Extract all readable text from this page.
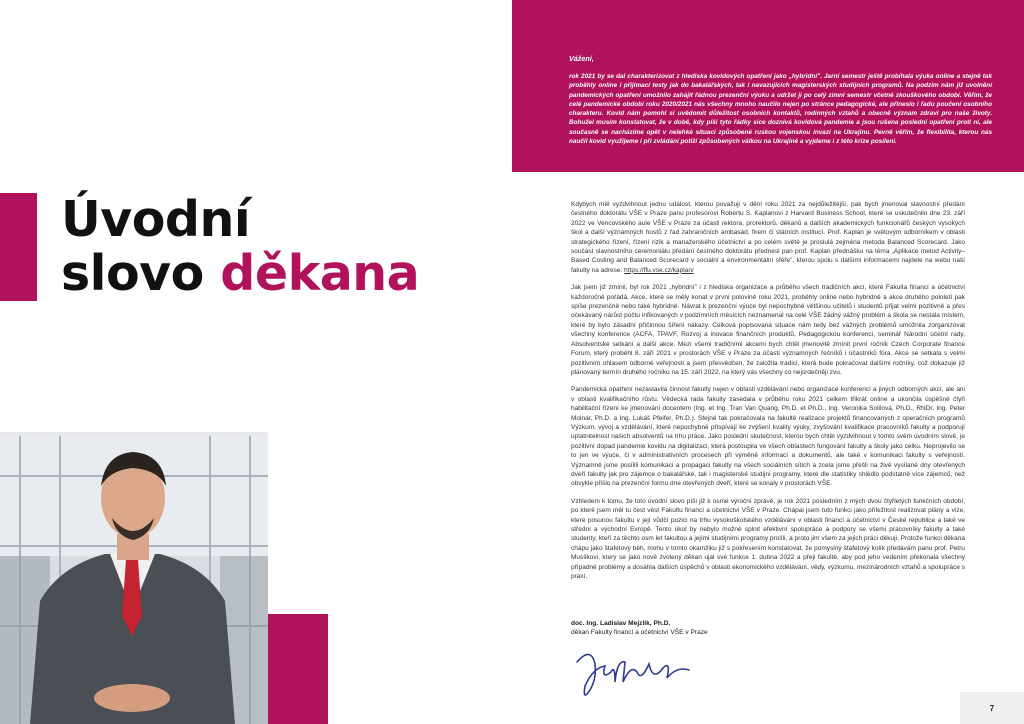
Vážení,
rok 2021 by se dal charakterizovat z hlediska kovidových opatření jako „hybridní". Jarní semestr ještě probíhala výuka online a stejně tak proběhly online i přijímací testy jak do bakalářských, tak i navazujících magisterských studijních programů. Na podzim nám již uvolnění pandemických opatření umožnilo zahájit řádnou prezenční výuku a udržet ji po celý zimní semestr včetně zkouškového období. Věřím, že celé pandemické období roku 2020/2021 nás všechny mnoho naučilo nejen po stránce pedagogické, ale přineslo i řadu poučení osobního charakteru. Kovid nám pomohl si uvědomit důležitost osobních kontaktů, rodinných vztahů a obecně význam zdraví pro naše životy. Bohužel musím konstatovat, že v době, kdy píši tyto řádky sice doznívá kovidová pandemie a jsou rušena poslední opatření proti ní, ale současně se nacházíme opět v nelehké situaci způsobené ruskou vojenskou invazí na Ukrajinu. Pevně věřím, že flexibilita, kterou nás naučil kovid využijeme i při zvládání potíží způsobených válkou na Ukrajině a vyjdeme i z této krize posíleni.
Úvodní
slovo děkana

Kdybych měl vyzdvihnout jednu událost, kterou považuji v dění roku 2021 za nejdůležitější, pak bych jmenoval slavnostní předání čestného doktorátu VŠE v Praze panu profesorovi Robertu S. Kaplanovi z Harvard Business School, které se uskutečnilo dne 23. září 2022 ve Vencovského aule VŠE v Praze za účasti rektora, prorektorů, děkanů a dalších akademických funkcionářů českých vysokých škol a další významných hostů z řad zahraničních ambasád, firem či státních institucí. Prof. Kaplan je světovým odborníkem v oblasti strategického řízení, řízení rizik a manažerského účetnictví a po celém světě je proslulá zejména metoda Balanced Scorecard. Jako součást slavnostního ceremoniálu předání čestného doktorátu přednesl pan prof. Kaplan přednášku na téma „Aplikace metod Activity–Based Costing and Balanced Scorecard v sociální a environmentální sféře", kterou spolu s dalšími informacemi najdete na webu naší fakulty na adrese: https://ffu.vse.cz/kaplan/

Jak jsem již zmínil, byl rok 2021 „hybridní" i z hlediska organizace a průběhu všech tradičních akcí, které Fakulta financí a účetnictví každoročně pořádá. Akce, které se měly konat v první polovině roku 2021, proběhly online nebo hybridně a akce druhého pololetí pak spíše prezenčně nebo také hybridně. Návrat k prezenční výuce byl nepochybně většinou učitelů i studentů přijat velmi pozitivně a přes očekávaný nárůst počtu infikovaných v podzimních měsících neznamenal na celé VŠE žádný vážný problém a škola se nestala místem, které by bylo zásadní příčinnou šíření nákazy. Celková popisovaná situace nám tedy bez vážných problémů umožnila zorganizovat všechny konference (ACFA, TPAVF, Rozvoj a inovace finančních produktů, Pedagogickou konferenci, seminář Národní účetní rady, Absolventské setkání a další akce. Mezi všemi tradičními akcemi bych chtěl jmenovitě zmínit první ročník Czech Corporate finance Forum, který proběhl 8. září 2021 v prostorách VŠE v Praze za účasti významných řečníků i účastníků fóra. Akce se setkala s velmi pozitivním ohlasem odborné veřejnosti a jsem přesvědčen, že založila tradici, která bude pokračovat dalšími ročníky, což dokazuje již plánovaný termín druhého ročníku na 15. září 2022, na který vás všechny co nejsrdečněji zvu.

Pandemická opatření nezastavila činnost fakulty nejen v oblasti vzdělávání nebo organizace konferencí a jiných odborných akcí, ale ani v oblasti kvalifikačního růstu. Vědecká rada fakulty zasedala v průběhu roku 2021 celkem třikrát online a ukončila úspěšně čtyři habilitační řízení ke jmenování docentem (Ing. et Ing. Tran Van Quang, Ph.D. et Ph.D., Ing. Veronika Solilová, Ph.D., RNDr. Ing. Peter Molnár, Ph.D. a Ing. Lukáš Pfeifer, Ph.D.). Stejně tak pokračovala na fakultě realizace projektů financovaných z operačních programů Výzkum, vývoj a vzdělávání, které nepochybně přispívají ke zvýšení kvality výuky, zvyšování kvalifikace pracovníků fakulty a podporují uplatnitelnost našich absolventů na trhu práce. Jako poslední skutečnost, kterou bych chtěl vyzdvihnout v tomto svém úvodním slově, je pozitivní dopad pandemie kovidu na digitalizaci, která postoupila ve všech oblastech fungování fakulty a školy jako celku. Neprojevilo se to jen ve výuce, či v administrativních procesech při výměně informací a dokumentů, ale také v komunikaci fakulty s veřejností. Významně jsme posílili komunikaci a propagaci fakulty na všech sociálních sítích a zcela jsme přešli na živě vysílané dny otevřených dveří fakulty jak pro zájemce o bakalářské, tak i magisterské studijní programy, které dle statistiky shlédlo podstatně více zájemců, než obvykle přišlo na prezenční formu dne otevřených dveří, které se konaly v prostorách VŠE.

Vzhledem k tomu, že toto úvodní slovo píši již k osmé výroční zprávě, je rok 2021 posledním z mých dvou čtyřletých funkčních období, po které jsem měl tu čest vést Fakultu financí a účetnictví VŠE v Praze. Chápal jsem tuto funkci jako příležitost realizovat plány a vize, které posunou fakultu v její vůdčí pozici na trhu vysokoškolského vzdělávání v oblasti financí a účetnictví v České republice a také ve střední a východní Evropě. Tento úkol by nebylo možné splnit efektivní spolupráce a podpory se všemi pracovníky fakulty a také studenty, kteří za těchto osm let fakultou a jejími studijními programy prošli, a proto jim všem za jejich práci děkuji. Protože funkci děkana chápu jako štafetový běh, mohu v tomto okamžiku již s pokřesením konstatovat, že pomyslný štafetový kolík předávám panu prof. Petru Musílkovi, který se jako nově zvolený děkan ujal své funkce 1. dubna 2022 a přeji fakultě, aby pod jeho vedením překonala všechny případné problémy a dosáhla dalších úspěchů v oblasti ekonomického vzdělávání, vědy, výzkumu, mezinárodních vztahů a spolupráce s praxí.

doc. Ing. Ladislav Mejzlík, Ph.D.
děkan Fakulty financí a účetnictví VŠE v Praze
7
